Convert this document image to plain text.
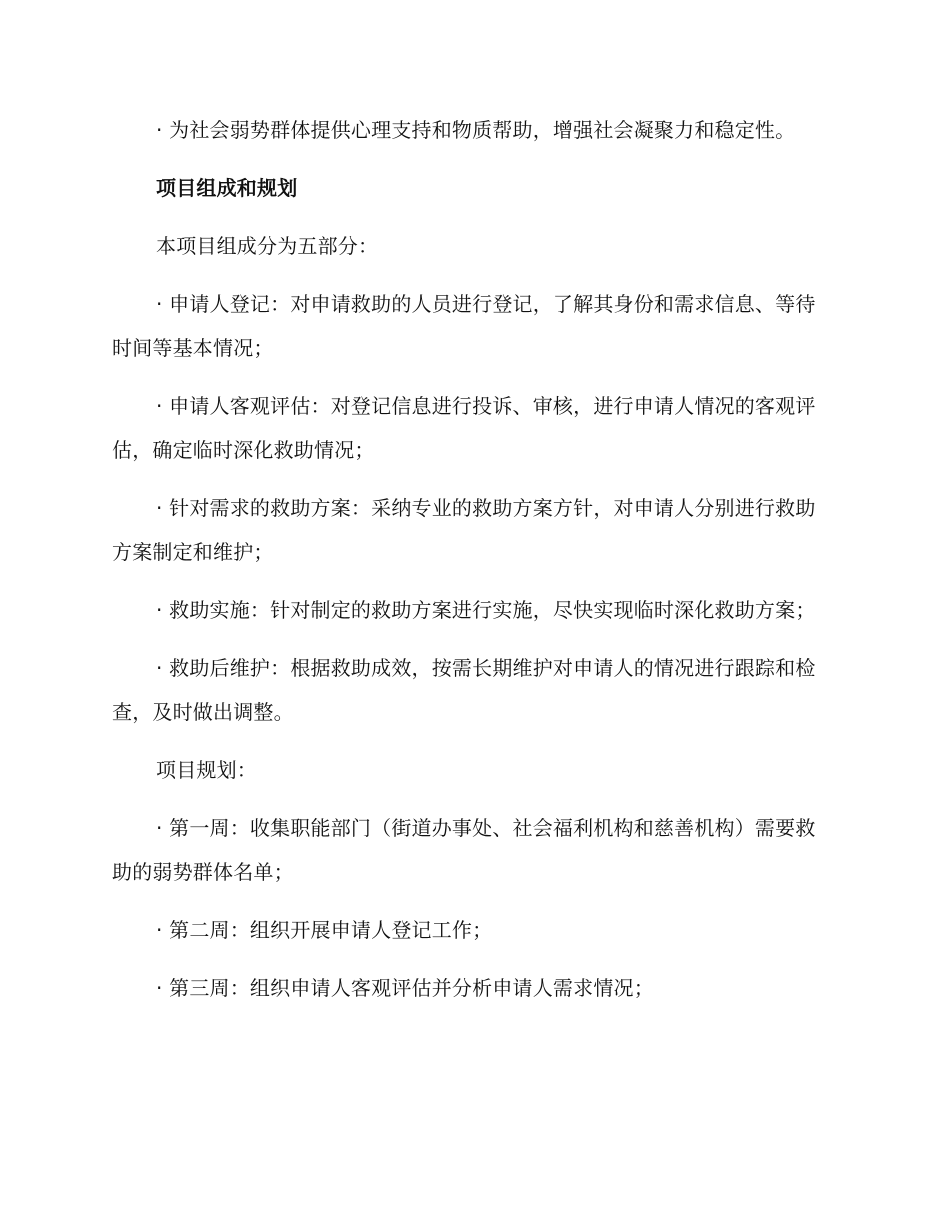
· 为社会弱势群体提供心理支持和物质帮助，增强社会凝聚力和稳定性。

项目组成和规划

本项目组成分为五部分：

· 申请人登记：对申请救助的人员进行登记，了解其身份和需求信息、等待时间等基本情况；

· 申请人客观评估：对登记信息进行投诉、审核，进行申请人情况的客观评估，确定临时深化救助情况；

· 针对需求的救助方案：采纳专业的救助方案方针，对申请人分别进行救助方案制定和维护；

· 救助实施：针对制定的救助方案进行实施，尽快实现临时深化救助方案；

· 救助后维护：根据救助成效，按需长期维护对申请人的情况进行跟踪和检查，及时做出调整。

项目规划：

· 第一周：收集职能部门（街道办事处、社会福利机构和慈善机构）需要救助的弱势群体名单；

· 第二周：组织开展申请人登记工作；

· 第三周：组织申请人客观评估并分析申请人需求情况；
